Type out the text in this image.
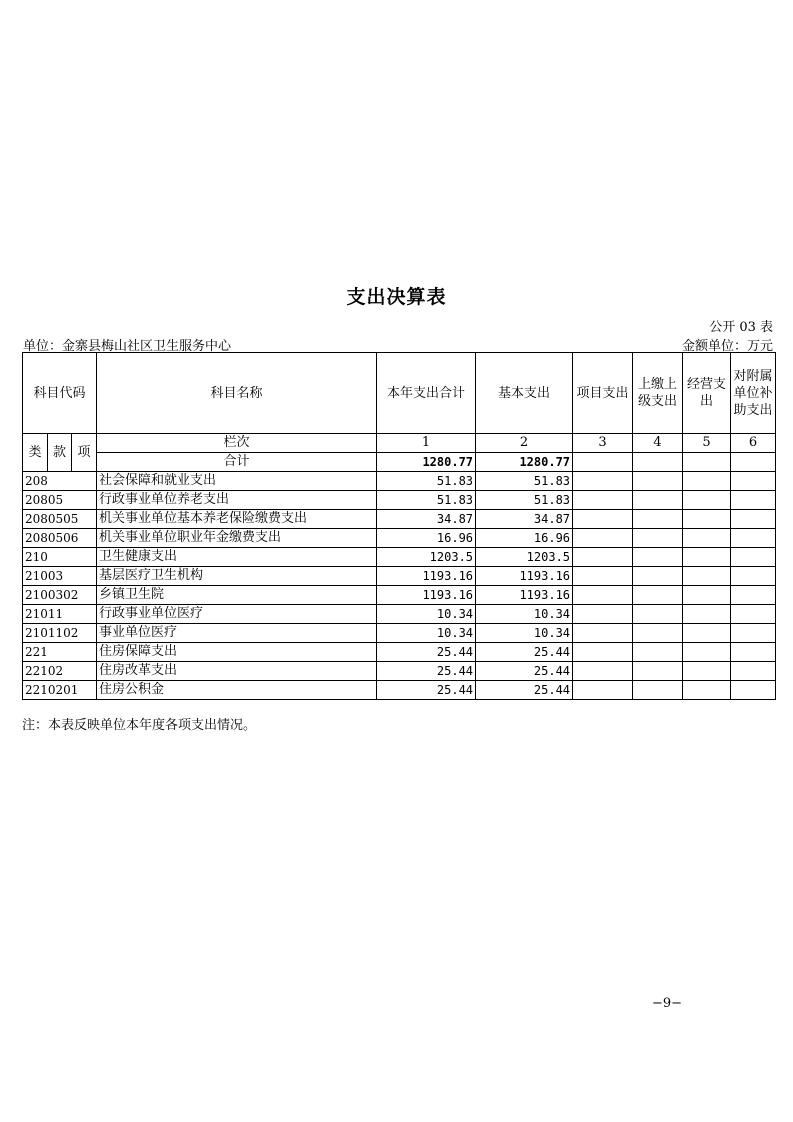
支出决算表
公开 03 表
单位：金寨县梅山社区卫生服务中心	金额单位：万元
科目代码			科目名称	本年支出合计	基本支出	项目支出	上缴上级支出	经营支出	对附属单位补助支出
类	款	项	栏次	1	2	3	4	5	6
			合计	1280.77	1280.77				
208			社会保障和就业支出	51.83	51.83				
20805			行政事业单位养老支出	51.83	51.83				
2080505			机关事业单位基本养老保险缴费支出	34.87	34.87				
2080506			机关事业单位职业年金缴费支出	16.96	16.96				
210			卫生健康支出	1203.5	1203.5				
21003			基层医疗卫生机构	1193.16	1193.16				
2100302			乡镇卫生院	1193.16	1193.16				
21011			行政事业单位医疗	10.34	10.34				
2101102			事业单位医疗	10.34	10.34				
221			住房保障支出	25.44	25.44				
22102			住房改革支出	25.44	25.44				
2210201			住房公积金	25.44	25.44				
注：本表反映单位本年度各项支出情况。
−9−
